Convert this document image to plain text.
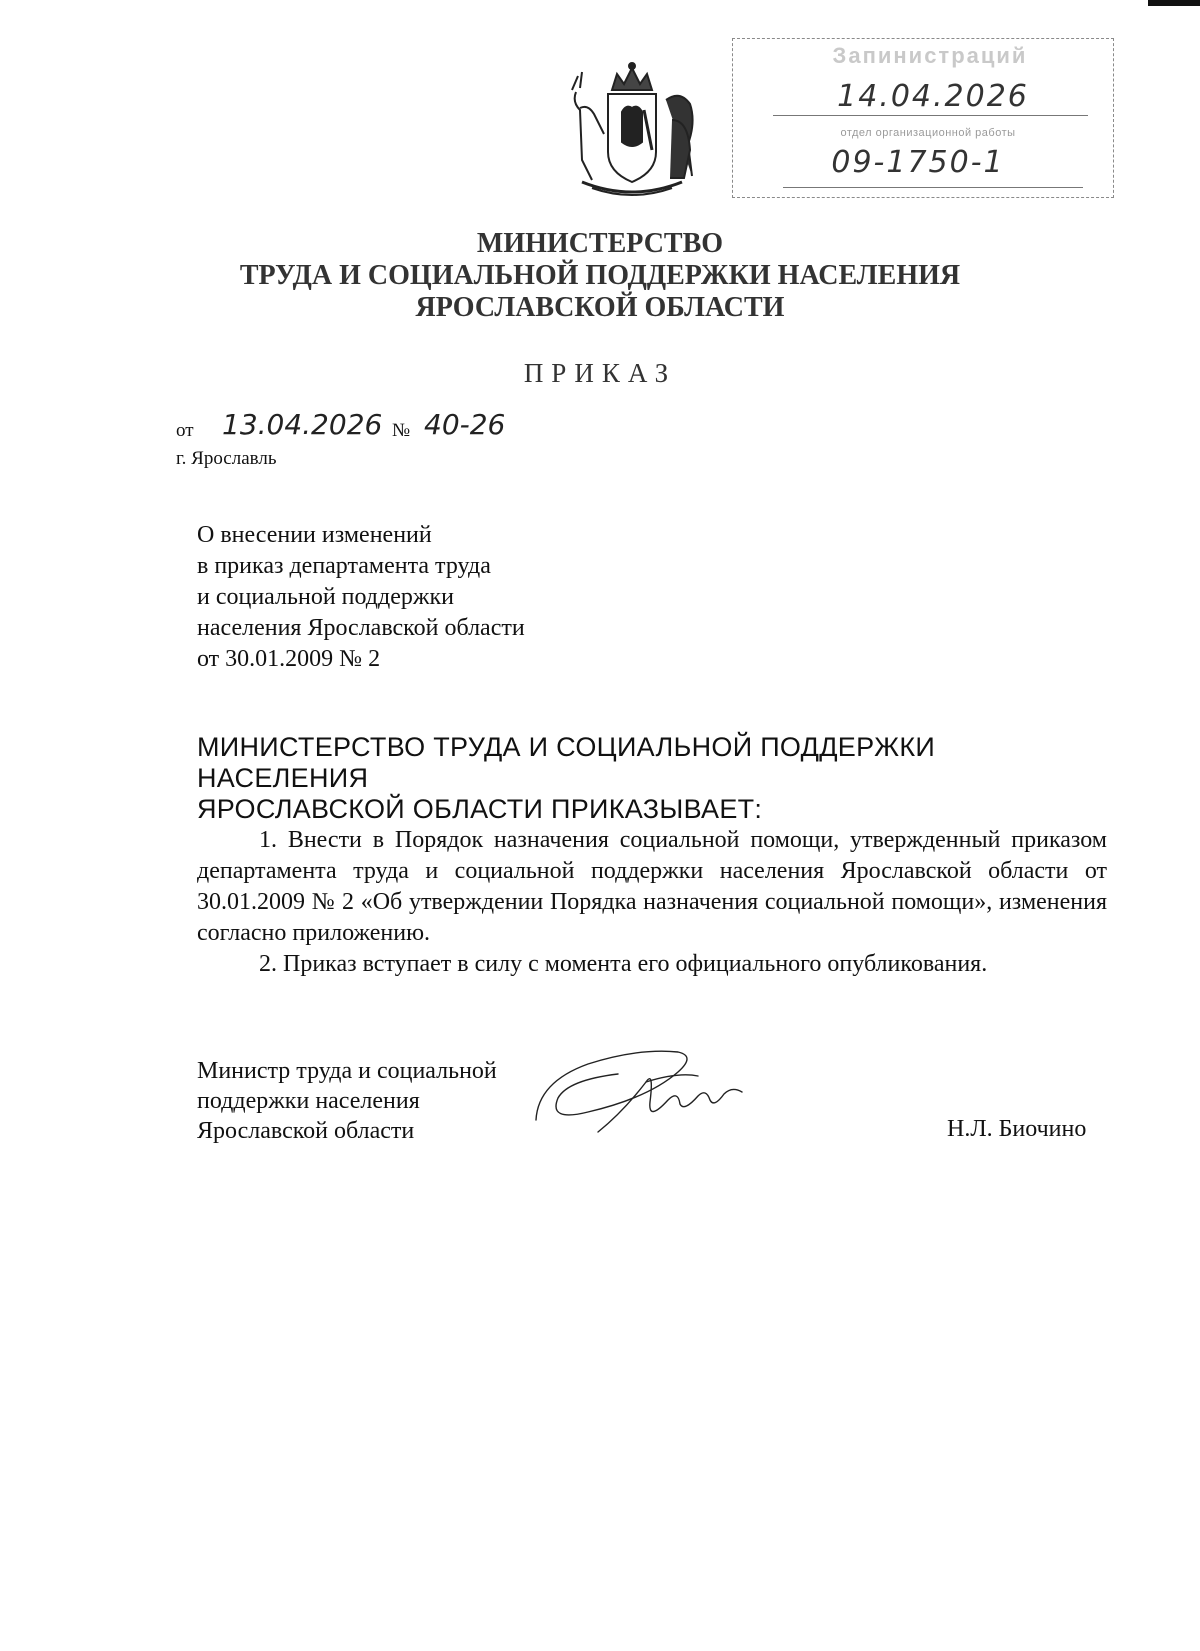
Запинистраций
14.04.2026
отдел организационной работы
09-1750-1
МИНИСТЕРСТВО
ТРУДА И СОЦИАЛЬНОЙ ПОДДЕРЖКИ НАСЕЛЕНИЯ
ЯРОСЛАВСКОЙ ОБЛАСТИ
ПРИКАЗ
от 13.04.2026 № 40-26
г. Ярославль
О внесении изменений
в приказ департамента труда
и социальной поддержки
населения Ярославской области
от 30.01.2009 № 2
МИНИСТЕРСТВО ТРУДА И СОЦИАЛЬНОЙ ПОДДЕРЖКИ НАСЕЛЕНИЯ
ЯРОСЛАВСКОЙ ОБЛАСТИ ПРИКАЗЫВАЕТ:
1. Внести в Порядок назначения социальной помощи, утвержденный приказом департамента труда и социальной поддержки населения Ярославской области от 30.01.2009 № 2 «Об утверждении Порядка назначения социальной помощи», изменения согласно приложению.
2. Приказ вступает в силу с момента его официального опубликования.
Министр труда и социальной
поддержки населения
Ярославской области	Н.Л. Биочино
